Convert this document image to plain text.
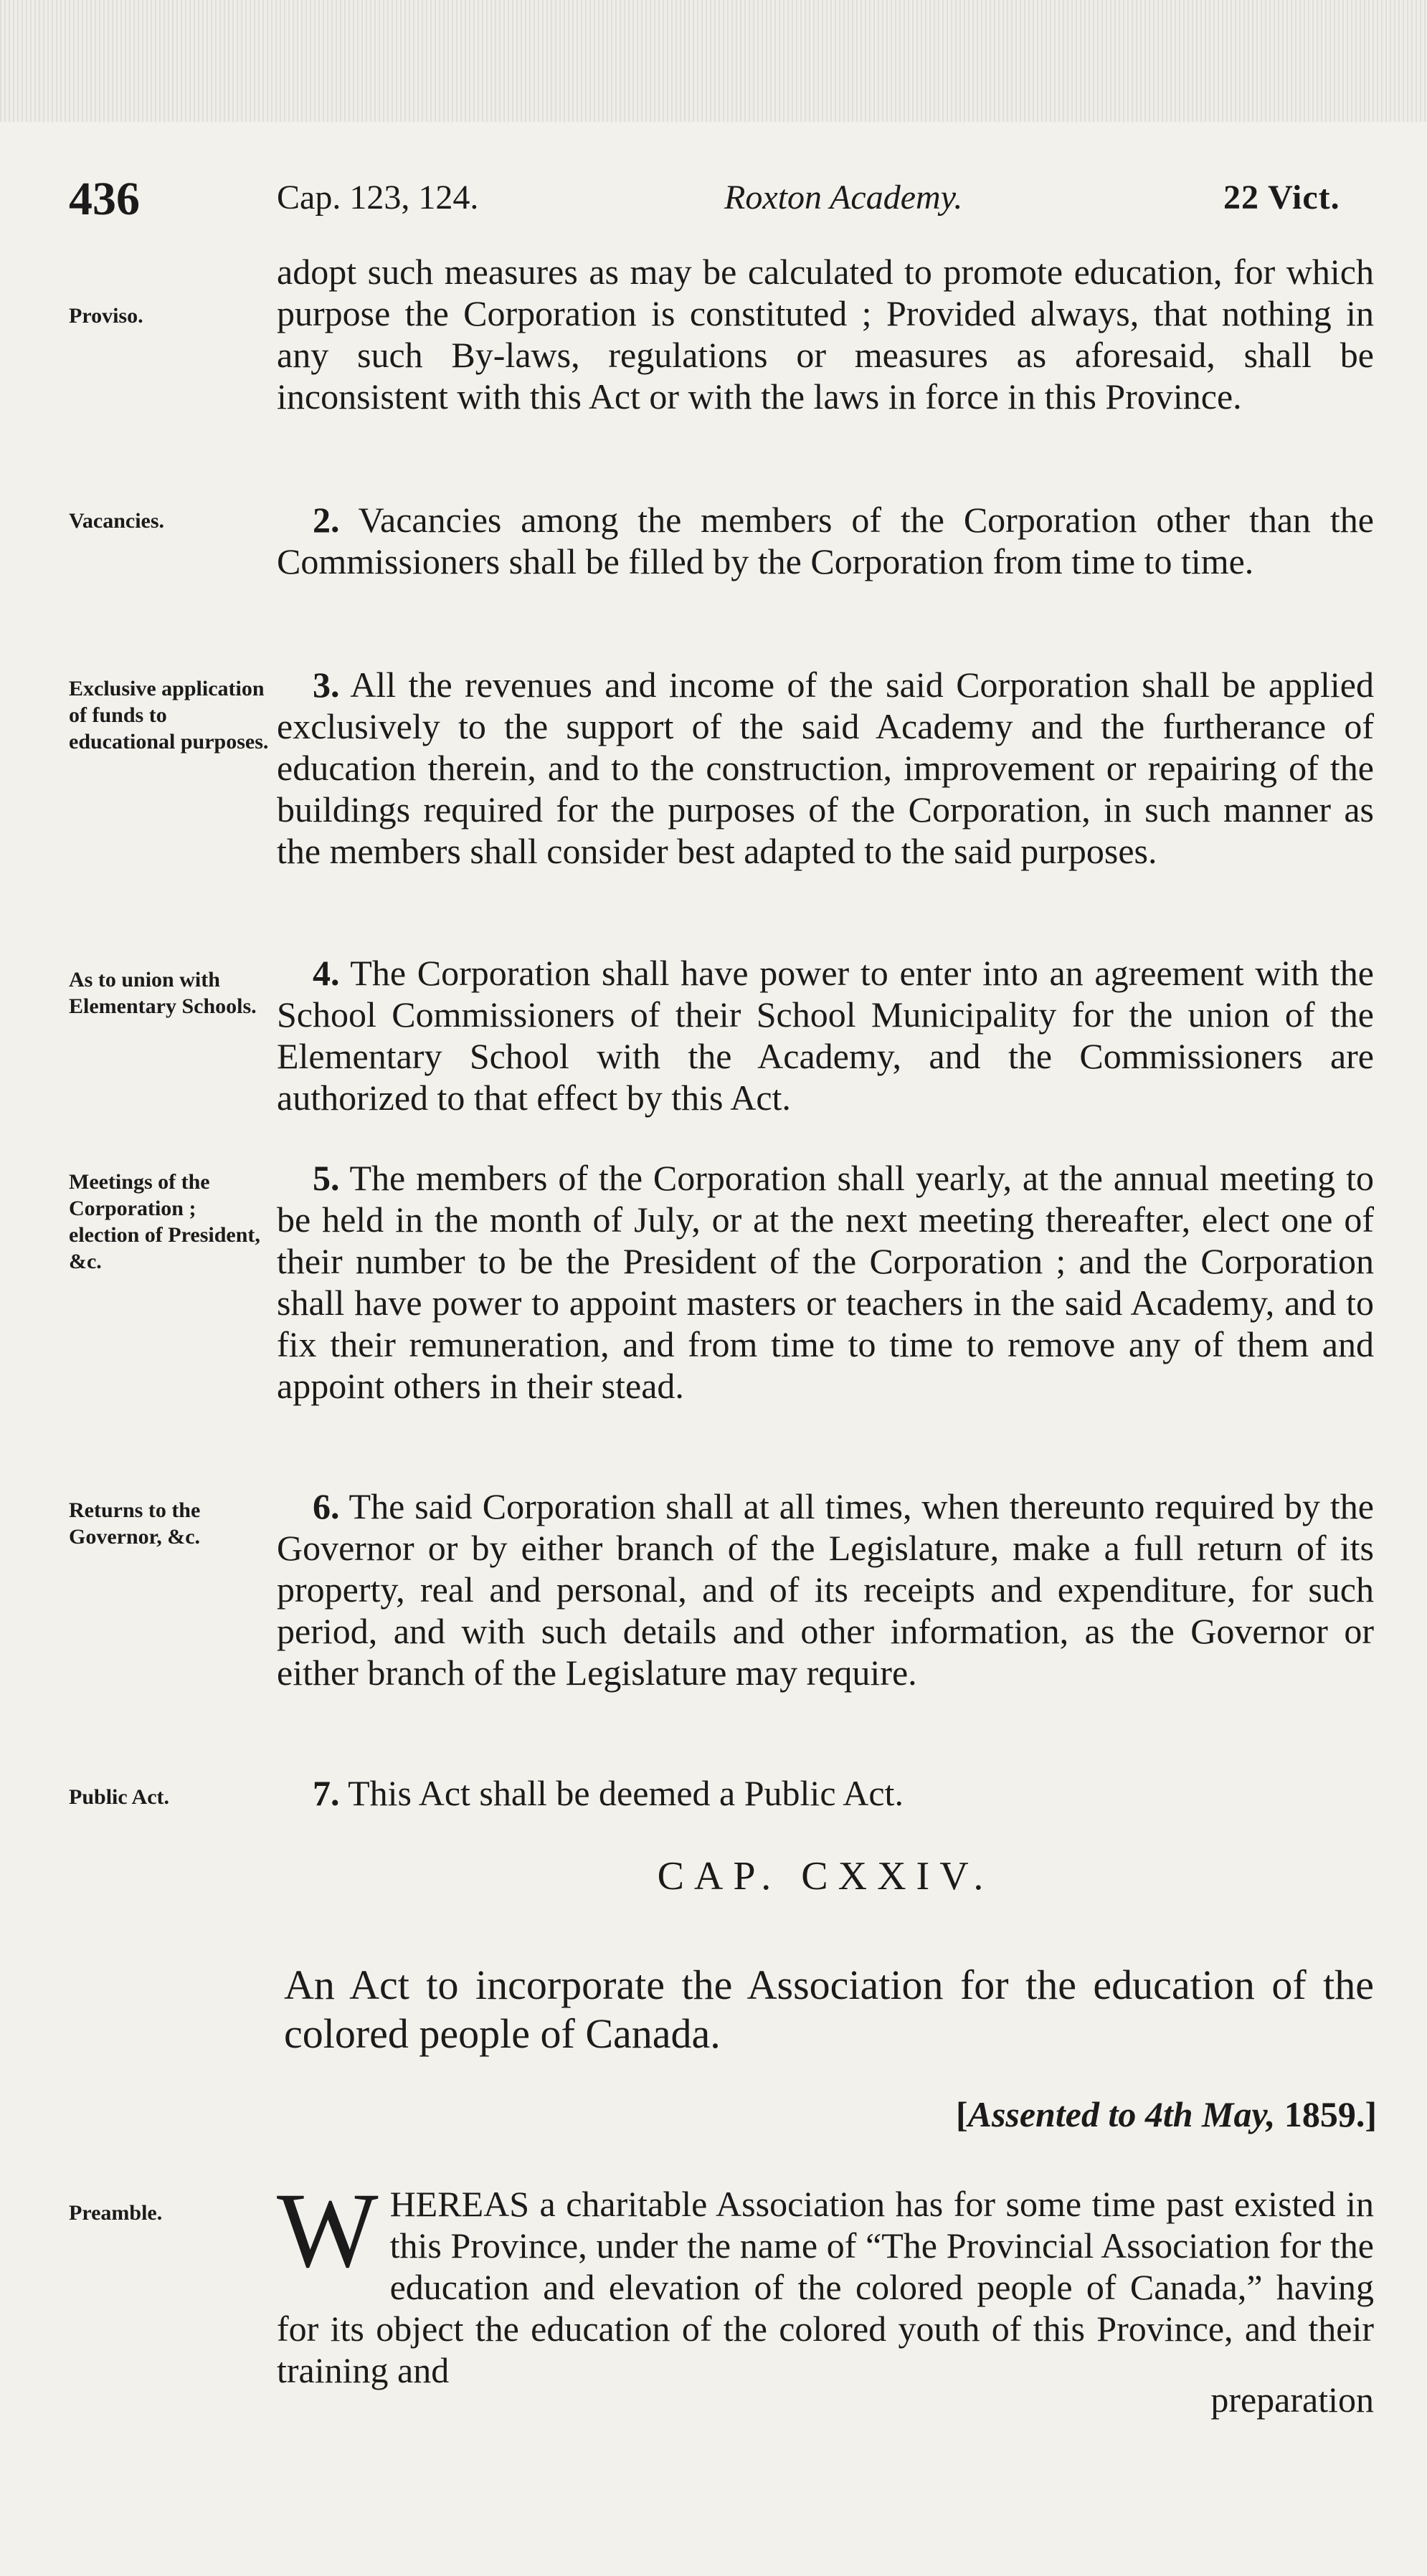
436	Cap. 123, 124.	Roxton Academy.	22 Vict.
Proviso.
adopt such measures as may be calculated to promote education, for which purpose the Corporation is constituted ; Provided always, that nothing in any such By-laws, regulations or measures as aforesaid, shall be inconsistent with this Act or with the laws in force in this Province.
Vacancies.	2. Vacancies among the members of the Corporation other than the Commissioners shall be filled by the Corporation from time to time.
Exclusive application of funds to educational purposes.
3. All the revenues and income of the said Corporation shall be applied exclusively to the support of the said Academy and the furtherance of education therein, and to the construction, improvement or repairing of the buildings required for the purposes of the Corporation, in such manner as the members shall consider best adapted to the said purposes.
As to union with Elementary Schools.
4. The Corporation shall have power to enter into an agreement with the School Commissioners of their School Municipality for the union of the Elementary School with the Academy, and the Commissioners are authorized to that effect by this Act.
Meetings of the Corporation ; election of President, &c.
5. The members of the Corporation shall yearly, at the annual meeting to be held in the month of July, or at the next meeting thereafter, elect one of their number to be the President of the Corporation ; and the Corporation shall have power to appoint masters or teachers in the said Academy, and to fix their remuneration, and from time to time to remove any of them and appoint others in their stead.
Returns to the Governor, &c.
6. The said Corporation shall at all times, when thereunto required by the Governor or by either branch of the Legislature, make a full return of its property, real and personal, and of its receipts and expenditure, for such period, and with such details and other information, as the Governor or either branch of the Legislature may require.
Public Act.	7. This Act shall be deemed a Public Act.
CAP. CXXIV.
An Act to incorporate the Association for the education of the colored people of Canada.
[Assented to 4th May, 1859.]
Preamble.	W HEREAS a charitable Association has for some time past existed in this Province, under the name of “The Provincial Association for the education and elevation of the colored people of Canada,” having for its object the education of the colored youth of this Province, and their training and
preparation
